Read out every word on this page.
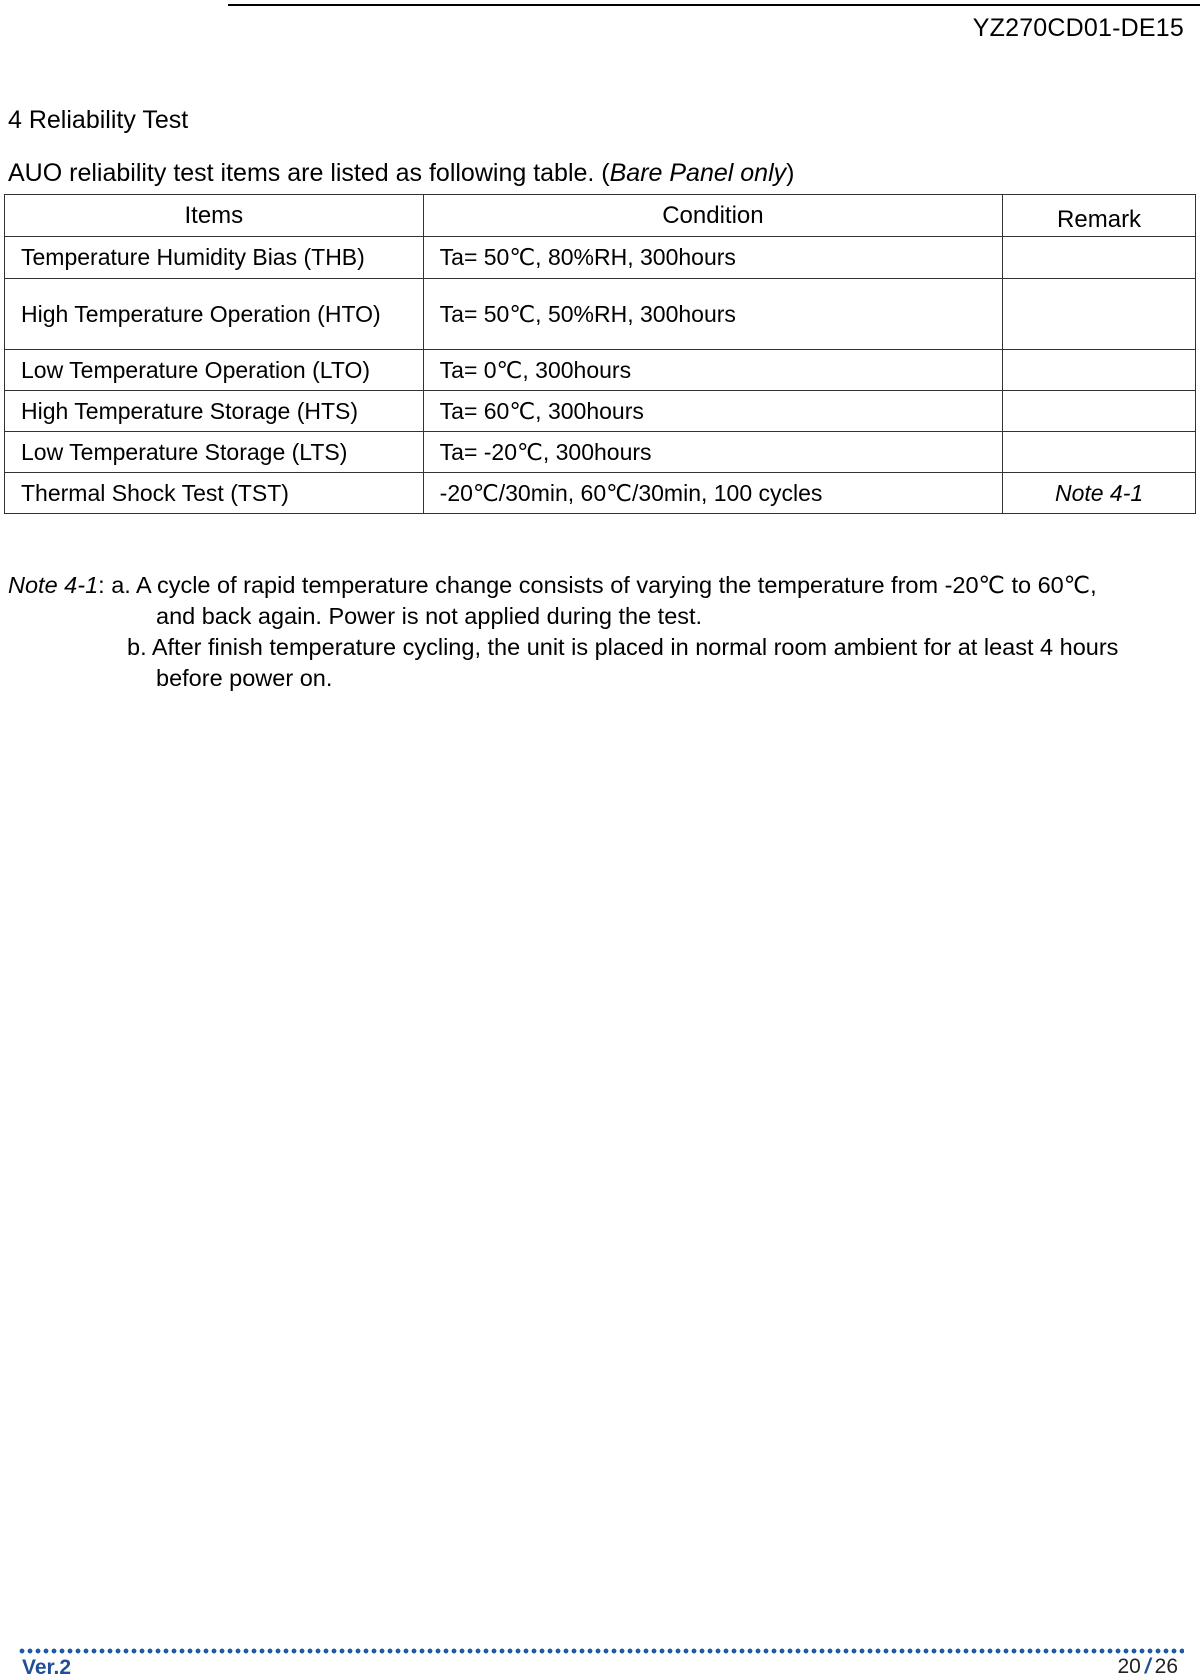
YZ270CD01-DE15
4 Reliability Test
AUO reliability test items are listed as following table. (Bare Panel only)
Items	Condition	Remark
Temperature Humidity Bias (THB)	Ta= 50℃, 80%RH, 300hours	
High Temperature Operation (HTO)	Ta= 50℃, 50%RH, 300hours	
Low Temperature Operation (LTO)	Ta= 0℃, 300hours	
High Temperature Storage (HTS)	Ta= 60℃, 300hours	
Low Temperature Storage (LTS)	Ta= -20℃, 300hours	
Thermal Shock Test (TST)	-20℃/30min, 60℃/30min, 100 cycles	Note 4-1
Note 4-1: a. A cycle of rapid temperature change consists of varying the temperature from -20℃ to 60℃,
and back again. Power is not applied during the test.
b. After finish temperature cycling, the unit is placed in normal room ambient for at least 4 hours
before power on.
Ver.2	20 / 26
